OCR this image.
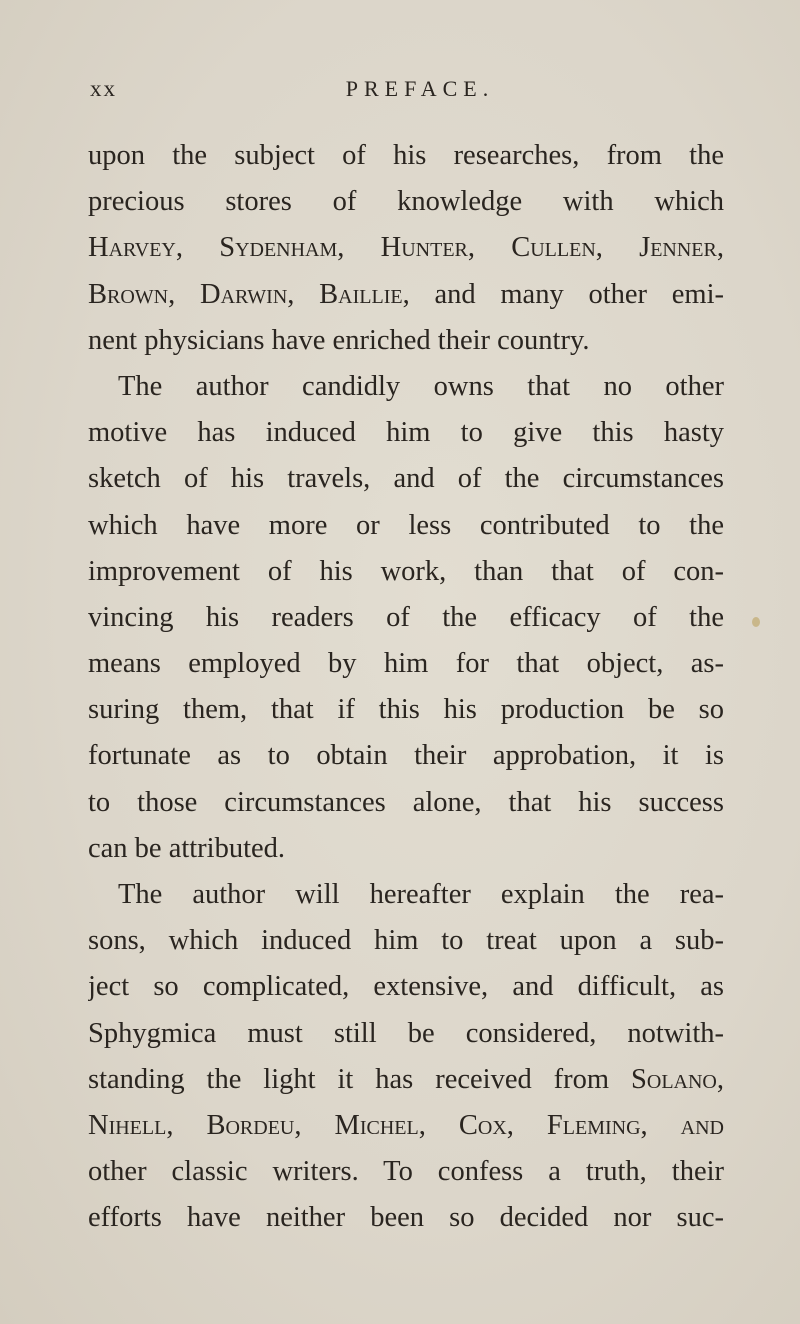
xx	PREFACE.
upon the subject of his researches, from the
precious stores of knowledge with which
Harvey, Sydenham, Hunter, Cullen, Jenner,
Brown, Darwin, Baillie, and many other emi-
nent physicians have enriched their country.
The author candidly owns that no other
motive has induced him to give this hasty
sketch of his travels, and of the circumstances
which have more or less contributed to the
improvement of his work, than that of con-
vincing his readers of the efficacy of the
means employed by him for that object, as-
suring them, that if this his production be so
fortunate as to obtain their approbation, it is
to those circumstances alone, that his success
can be attributed.
The author will hereafter explain the rea-
sons, which induced him to treat upon a sub-
ject so complicated, extensive, and difficult, as
Sphygmica must still be considered, notwith-
standing the light it has received from Solano,
Nihell, Bordeu, Michel, Cox, Fleming, and
other classic writers. To confess a truth, their
efforts have neither been so decided nor suc-
